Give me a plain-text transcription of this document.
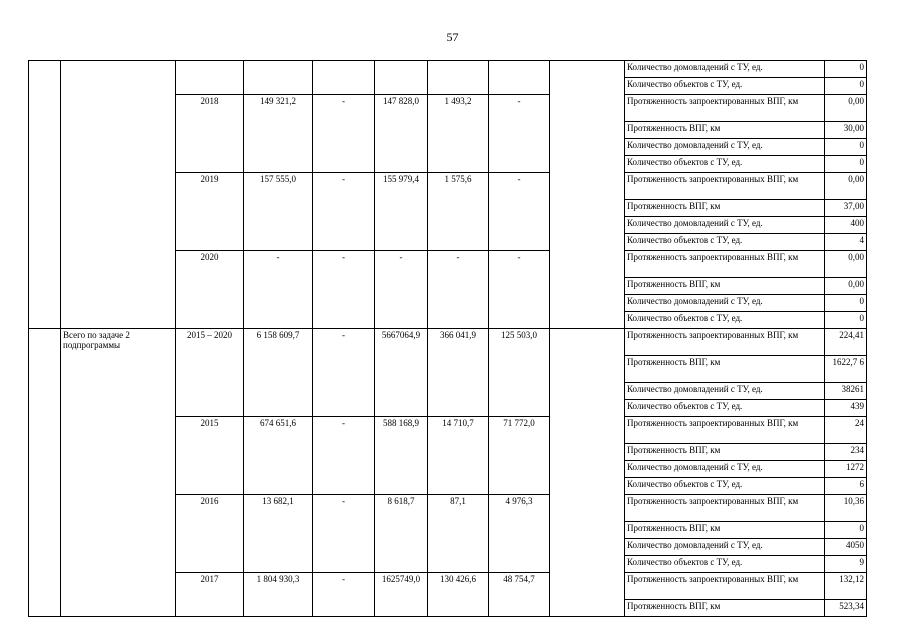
57
									Количество домовладений с ТУ, ед.	0
									Количество объектов с ТУ, ед.	0
		2018	149 321,2	-	147 828,0	1 493,2	-		Протяженность запроектированных ВПГ, км	0,00
									Протяженность ВПГ, км	30,00
									Количество домовладений с ТУ, ед.	0
									Количество объектов с ТУ, ед.	0
		2019	157 555,0	-	155 979,4	1 575,6	-		Протяженность запроектированных ВПГ, км	0,00
									Протяженность ВПГ, км	37,00
									Количество домовладений с ТУ, ед.	400
									Количество объектов с ТУ, ед.	4
		2020	-	-	-	-	-		Протяженность запроектированных ВПГ, км	0,00
									Протяженность ВПГ, км	0,00
									Количество домовладений с ТУ, ед.	0
									Количество объектов с ТУ, ед.	0
	Всего по задаче 2 подпрограммы	2015 – 2020	6 158 609,7	-	5667064,9	366 041,9	125 503,0		Протяженность запроектированных ВПГ, км	224,41
									Протяженность ВПГ, км	1622,7 6
									Количество домовладений с ТУ, ед.	38261
									Количество объектов с ТУ, ед.	439
		2015	674 651,6	-	588 168,9	14 710,7	71 772,0		Протяженность запроектированных ВПГ, км	24
									Протяженность ВПГ, км	234
									Количество домовладений с ТУ, ед.	1272
									Количество объектов с ТУ, ед.	6
		2016	13 682,1	-	8 618,7	87,1	4 976,3		Протяженность запроектированных ВПГ, км	10,36
									Протяженность ВПГ, км	0
									Количество домовладений с ТУ, ед.	4050
									Количество объектов с ТУ, ед.	9
		2017	1 804 930,3	-	1625749,0	130 426,6	48 754,7		Протяженность запроектированных ВПГ, км	132,12
									Протяженность ВПГ, км	523,34
